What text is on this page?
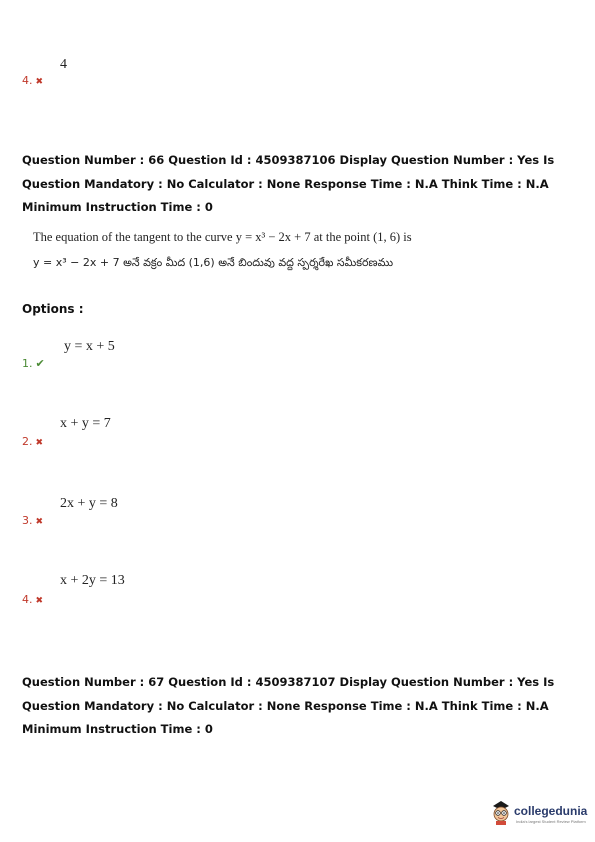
4
4. ✖
Question Number : 66 Question Id : 4509387106 Display Question Number : Yes Is Question Mandatory : No Calculator : None Response Time : N.A Think Time : N.A Minimum Instruction Time : 0
The equation of the tangent to the curve y = x³ − 2x + 7 at the point (1, 6) is
y = x³ − 2x + 7 అనే వక్రం మీద (1,6) అనే బిందువు వద్ద స్పర్శరేఖ సమీకరణము
Options :
y = x + 5
1. ✔
x + y = 7
2. ✖
2x + y = 8
3. ✖
x + 2y = 13
4. ✖
Question Number : 67 Question Id : 4509387107 Display Question Number : Yes Is Question Mandatory : No Calculator : None Response Time : N.A Think Time : N.A Minimum Instruction Time : 0
collegedunia
India's largest Student Review Platform
